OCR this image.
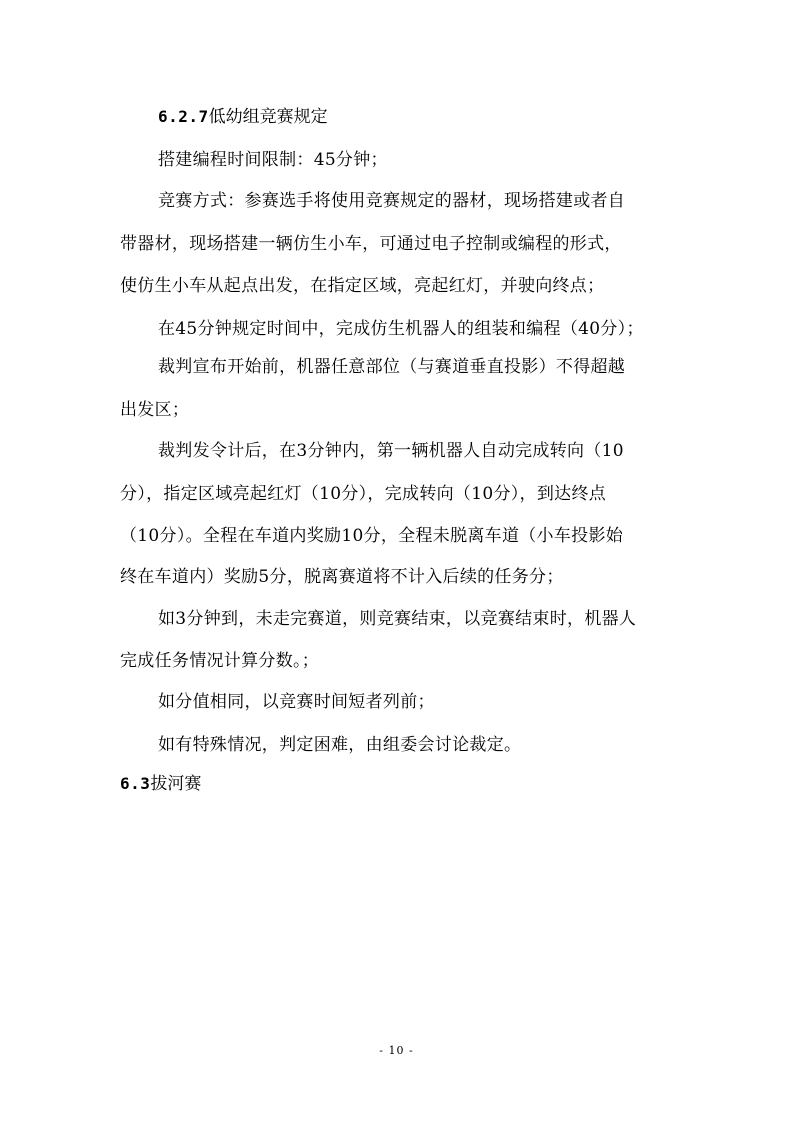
6.2.7低幼组竞赛规定
搭建编程时间限制：45分钟；
竞赛方式：参赛选手将使用竞赛规定的器材，现场搭建或者自
带器材，现场搭建一辆仿生小车，可通过电子控制或编程的形式，
使仿生小车从起点出发，在指定区域，亮起红灯，并驶向终点；
在45分钟规定时间中，完成仿生机器人的组装和编程（40分）；
裁判宣布开始前，机器任意部位（与赛道垂直投影）不得超越
出发区；
裁判发令计后，在3分钟内，第一辆机器人自动完成转向（10
分），指定区域亮起红灯（10分），完成转向（10分），到达终点
（10分）。全程在车道内奖励10分，全程未脱离车道（小车投影始
终在车道内）奖励5分，脱离赛道将不计入后续的任务分；
如3分钟到，未走完赛道，则竞赛结束，以竞赛结束时，机器人
完成任务情况计算分数。；
如分值相同，以竞赛时间短者列前；
如有特殊情况，判定困难，由组委会讨论裁定。
6.3拔河赛
- 10 -
